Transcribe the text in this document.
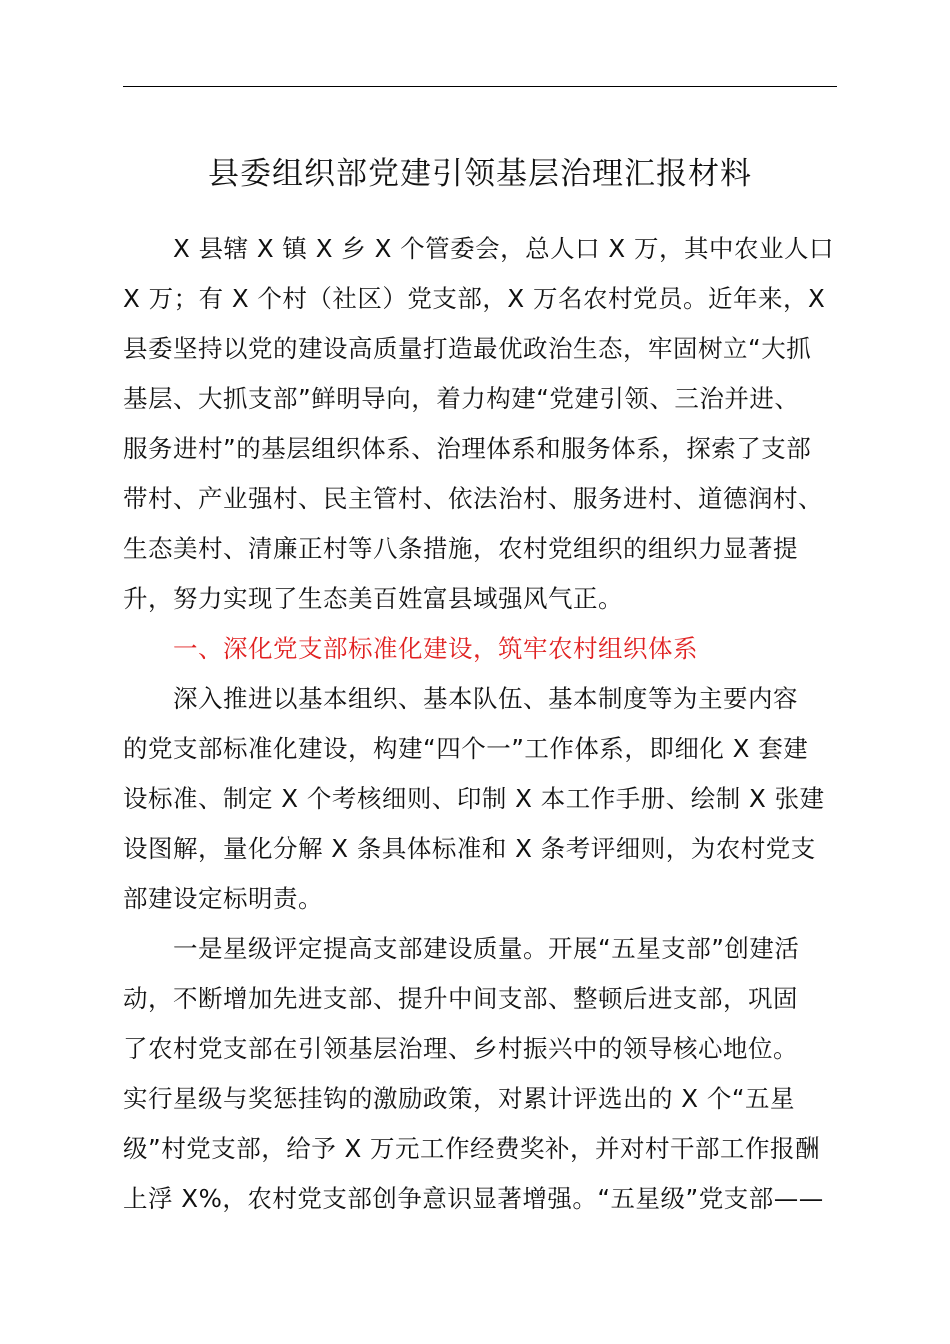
县委组织部党建引领基层治理汇报材料
X 县辖 X 镇 X 乡 X 个管委会，总人口 X 万，其中农业人口
X 万；有 X 个村（社区）党支部，X 万名农村党员。近年来，X
县委坚持以党的建设高质量打造最优政治生态，牢固树立“大抓
基层、大抓支部”鲜明导向，着力构建“党建引领、三治并进、
服务进村”的基层组织体系、治理体系和服务体系，探索了支部
带村、产业强村、民主管村、依法治村、服务进村、道德润村、
生态美村、清廉正村等八条措施，农村党组织的组织力显著提
升，努力实现了生态美百姓富县域强风气正。
一、深化党支部标准化建设，筑牢农村组织体系
深入推进以基本组织、基本队伍、基本制度等为主要内容
的党支部标准化建设，构建“四个一”工作体系，即细化 X 套建
设标准、制定 X 个考核细则、印制 X 本工作手册、绘制 X 张建
设图解，量化分解 X 条具体标准和 X 条考评细则，为农村党支
部建设定标明责。
一是星级评定提高支部建设质量。开展“五星支部”创建活
动，不断增加先进支部、提升中间支部、整顿后进支部，巩固
了农村党支部在引领基层治理、乡村振兴中的领导核心地位。
实行星级与奖惩挂钩的激励政策，对累计评选出的 X 个“五星
级”村党支部，给予 X 万元工作经费奖补，并对村干部工作报酬
上浮 X%，农村党支部创争意识显著增强。“五星级”党支部——
